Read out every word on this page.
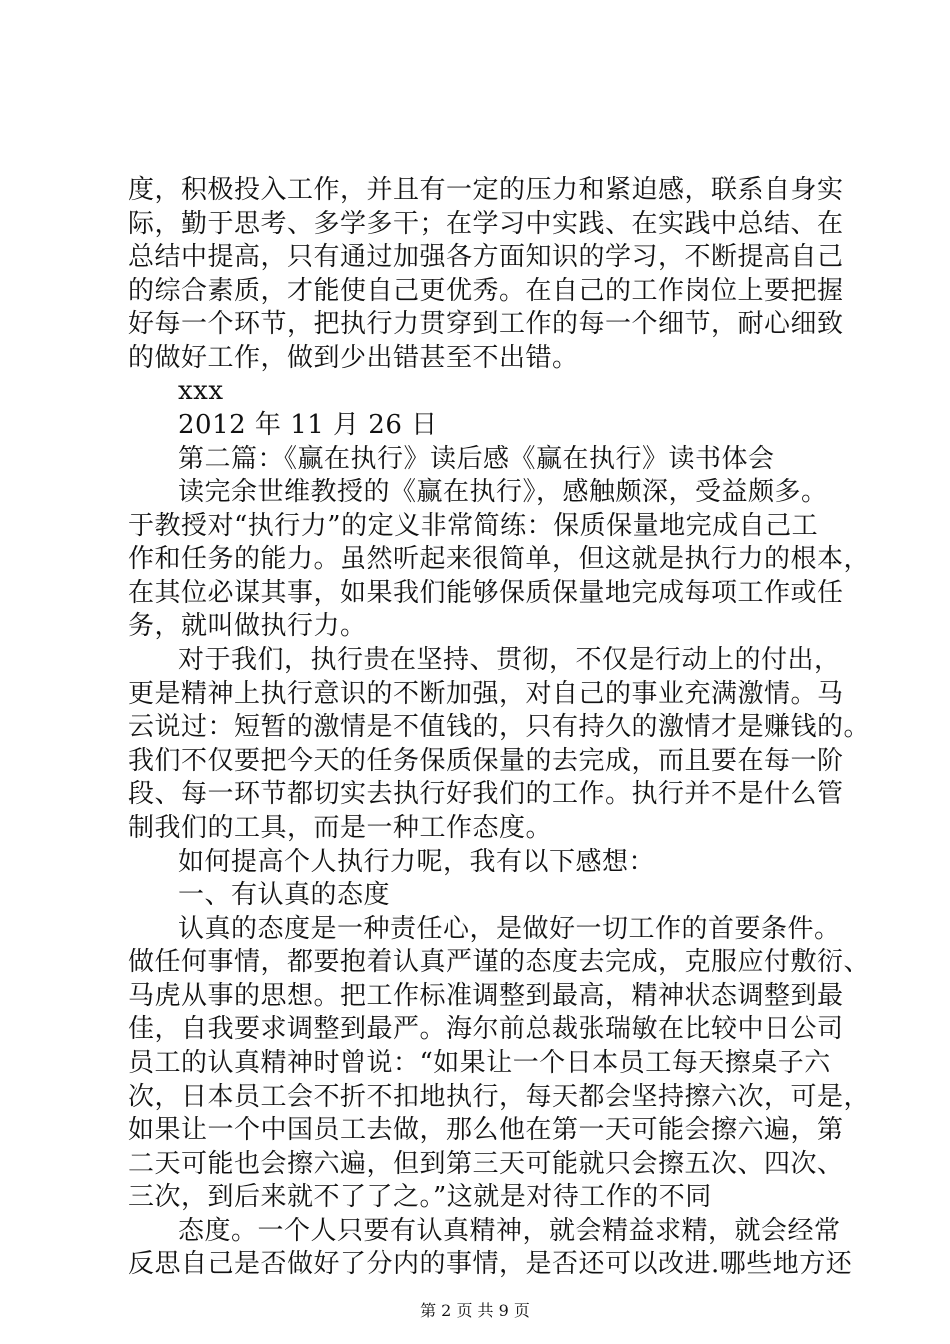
度，积极投入工作，并且有一定的压力和紧迫感，联系自身实
际，勤于思考、多学多干；在学习中实践、在实践中总结、在
总结中提高，只有通过加强各方面知识的学习，不断提高自己
的综合素质，才能使自己更优秀。在自己的工作岗位上要把握
好每一个环节，把执行力贯穿到工作的每一个细节，耐心细致
的做好工作，做到少出错甚至不出错。
xxx
2012 年 11 月 26 日
第二篇：《赢在执行》读后感《赢在执行》读书体会
读完余世维教授的《赢在执行》，感触颇深，受益颇多。
于教授对“执行力”的定义非常简练：保质保量地完成自己工
作和任务的能力。虽然听起来很简单，但这就是执行力的根本，
在其位必谋其事，如果我们能够保质保量地完成每项工作或任
务，就叫做执行力。
对于我们，执行贵在坚持、贯彻，不仅是行动上的付出，
更是精神上执行意识的不断加强，对自己的事业充满激情。马
云说过：短暂的激情是不值钱的，只有持久的激情才是赚钱的。
我们不仅要把今天的任务保质保量的去完成，而且要在每一阶
段、每一环节都切实去执行好我们的工作。执行并不是什么管
制我们的工具，而是一种工作态度。
如何提高个人执行力呢，我有以下感想：
一、有认真的态度
认真的态度是一种责任心，是做好一切工作的首要条件。
做任何事情，都要抱着认真严谨的态度去完成，克服应付敷衍、
马虎从事的思想。把工作标准调整到最高，精神状态调整到最
佳，自我要求调整到最严。海尔前总裁张瑞敏在比较中日公司
员工的认真精神时曾说：“如果让一个日本员工每天擦桌子六
次，日本员工会不折不扣地执行，每天都会坚持擦六次，可是，
如果让一个中国员工去做，那么他在第一天可能会擦六遍，第
二天可能也会擦六遍，但到第三天可能就只会擦五次、四次、
三次，到后来就不了了之。”这就是对待工作的不同
态度。一个人只要有认真精神，就会精益求精，就会经常
反思自己是否做好了分内的事情，是否还可以改进.哪些地方还
第 2 页 共 9 页
